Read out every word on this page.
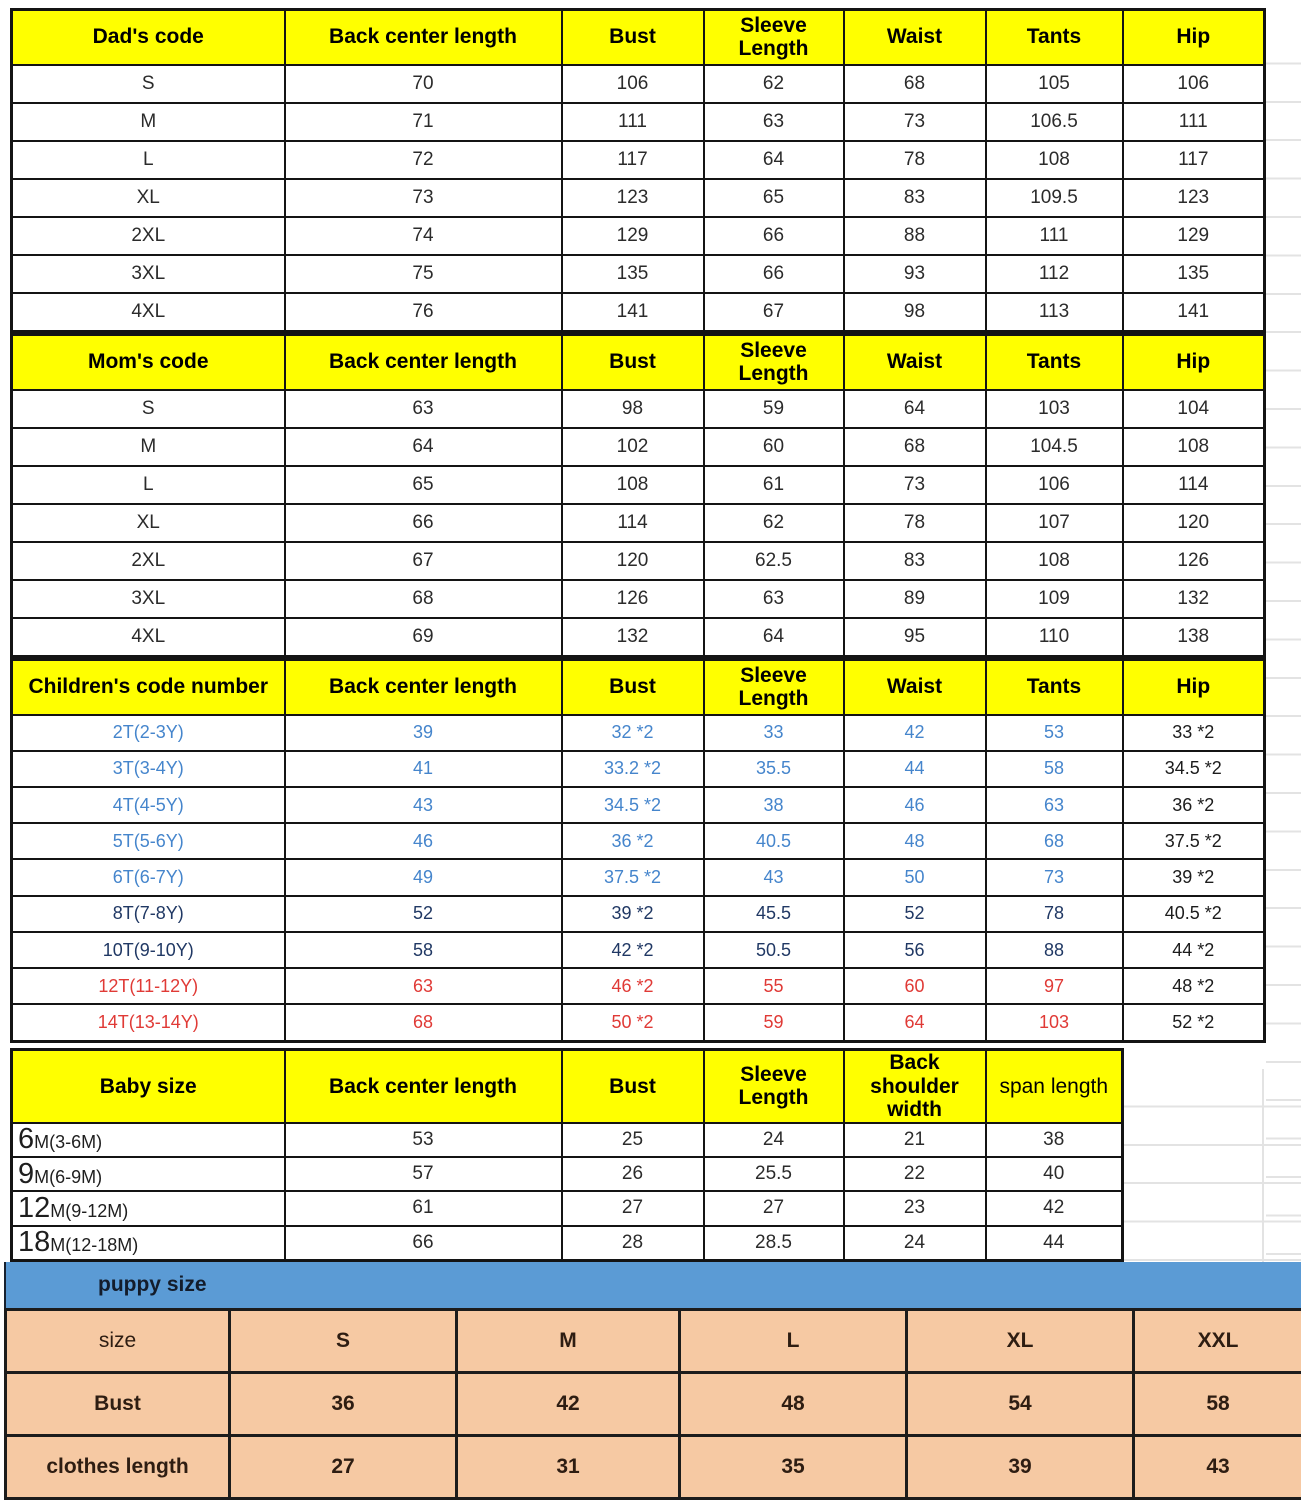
Dad's code	Back center length	Bust	Sleeve Length	Waist	Tants	Hip
S	70	106	62	68	105	106
M	71	111	63	73	106.5	111
L	72	117	64	78	108	117
XL	73	123	65	83	109.5	123
2XL	74	129	66	88	111	129
3XL	75	135	66	93	112	135
4XL	76	141	67	98	113	141
Mom's code	Back center length	Bust	Sleeve Length	Waist	Tants	Hip
S	63	98	59	64	103	104
M	64	102	60	68	104.5	108
L	65	108	61	73	106	114
XL	66	114	62	78	107	120
2XL	67	120	62.5	83	108	126
3XL	68	126	63	89	109	132
4XL	69	132	64	95	110	138
Children's code number	Back center length	Bust	Sleeve Length	Waist	Tants	Hip
2T(2-3Y)	39	32 *2	33	42	53	33 *2
3T(3-4Y)	41	33.2 *2	35.5	44	58	34.5 *2
4T(4-5Y)	43	34.5 *2	38	46	63	36 *2
5T(5-6Y)	46	36 *2	40.5	48	68	37.5 *2
6T(6-7Y)	49	37.5 *2	43	50	73	39 *2
8T(7-8Y)	52	39 *2	45.5	52	78	40.5 *2
10T(9-10Y)	58	42 *2	50.5	56	88	44 *2
12T(11-12Y)	63	46 *2	55	60	97	48 *2
14T(13-14Y)	68	50 *2	59	64	103	52 *2
Baby size	Back center length	Bust	Sleeve Length	Back shoulder width	span length
6M(3-6M)	53	25	24	21	38
9M(6-9M)	57	26	25.5	22	40
12M(9-12M)	61	27	27	23	42
18M(12-18M)	66	28	28.5	24	44
puppy size
size	S	M	L	XL	XXL
Bust	36	42	48	54	58
clothes length	27	31	35	39	43
